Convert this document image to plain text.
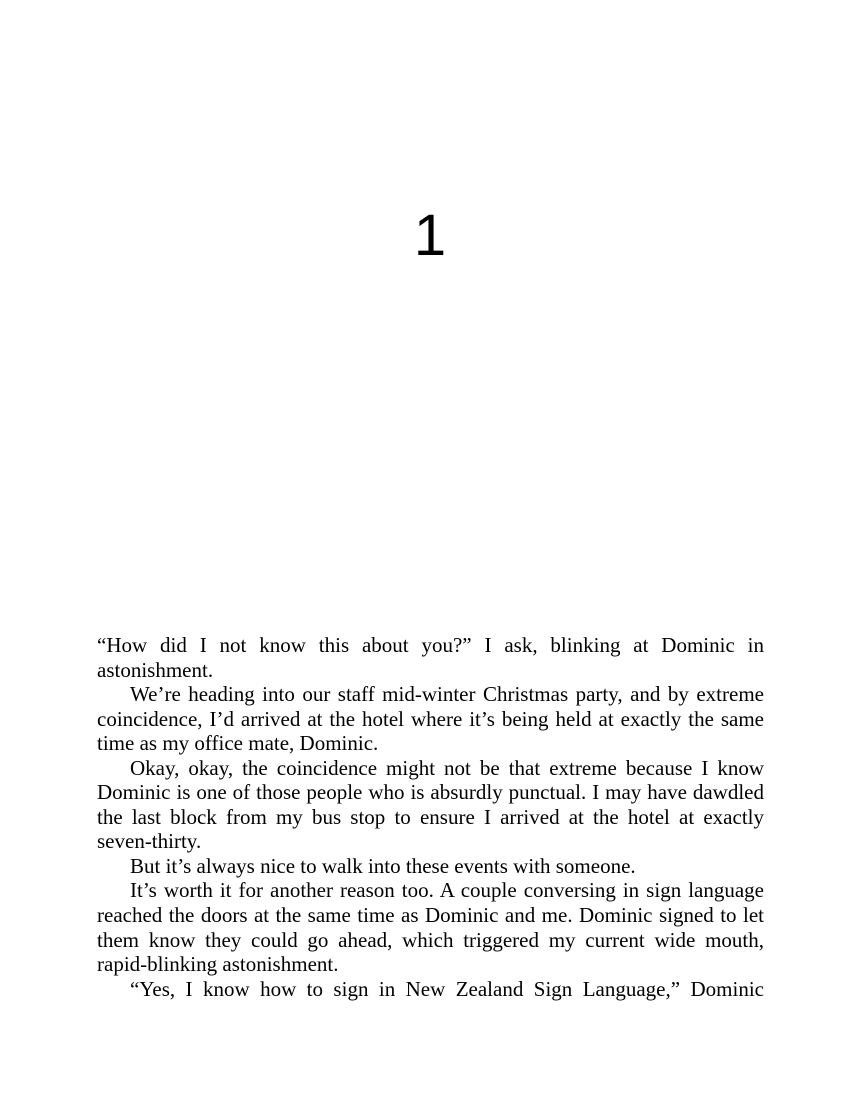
1

“How did I not know this about you?” I ask, blinking at Dominic in astonishment.

We’re heading into our staff mid-winter Christmas party, and by extreme coincidence, I’d arrived at the hotel where it’s being held at exactly the same time as my office mate, Dominic.

Okay, okay, the coincidence might not be that extreme because I know Dominic is one of those people who is absurdly punctual. I may have dawdled the last block from my bus stop to ensure I arrived at the hotel at exactly seven-thirty.

But it’s always nice to walk into these events with someone.

It’s worth it for another reason too. A couple conversing in sign language reached the doors at the same time as Dominic and me. Dominic signed to let them know they could go ahead, which triggered my current wide mouth, rapid-blinking astonishment.

“Yes, I know how to sign in New Zealand Sign Language,” Dominic
